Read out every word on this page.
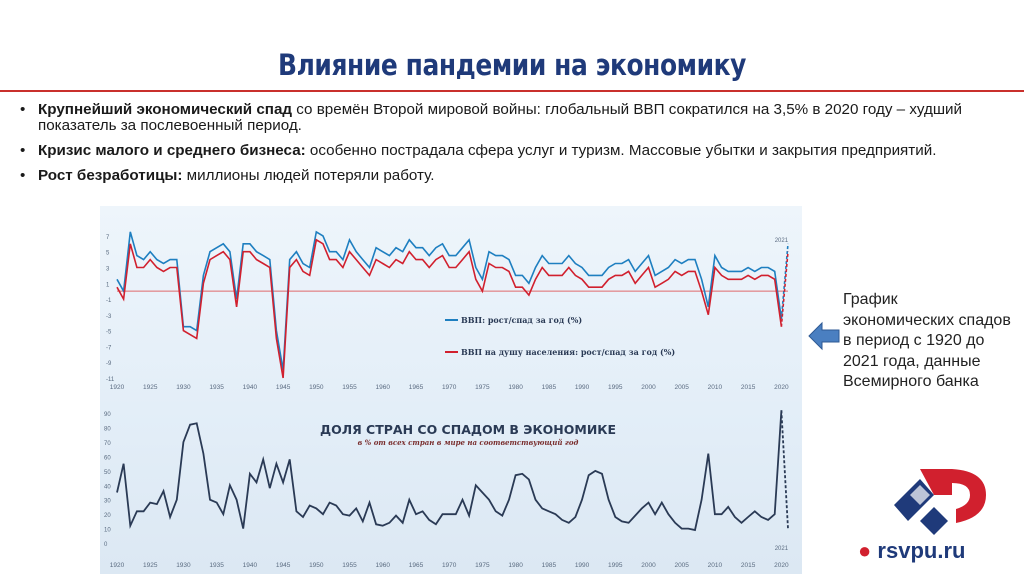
Влияние пандемии на экономику
• Крупнейший экономический спад со времён Второй мировой войны: глобальный ВВП сократился на 3,5% в 2020 году – худший показатель за послевоенный период.
• Кризис малого и среднего бизнеса: особенно пострадала сфера услуг и туризм. Массовые убытки и закрытия предприятий.
• Рост безработицы: миллионы людей потеряли работу.
7
5
3
1
-1
-3
-5
-7
-9
-11
1920	1925	1930	1935	1940	1945	1950	1955	1960	1965	1970	1975	1980	1985	1990	1995	2000	2005	2010	2015	2020
2021
ВВП: рост/спад за год (%)
ВВП на душу населения: рост/спад за год (%)
90
80
70
60
50
40
30
20
10
0
1920	1925	1930	1935	1940	1945	1950	1955	1960	1965	1970	1975	1980	1985	1990	1995	2000	2005	2010	2015	2020
ДОЛЯ СТРАН СО СПАДОМ В ЭКОНОМИКЕ
в % от всех стран в мире на соответствующий год
2021
График экономических спадов в период с 1920 до 2021 года, данные Всемирного банка
● rsvpu.ru
